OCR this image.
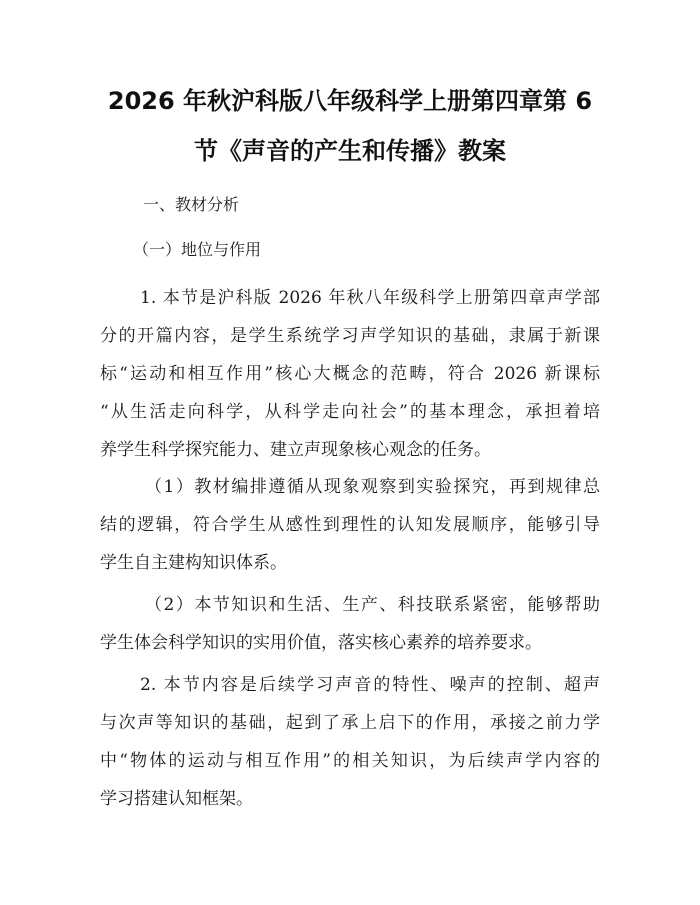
2026 年秋沪科版八年级科学上册第四章第 6
节《声音的产生和传播》教案
一、教材分析
（一）地位与作用
1. 本节是沪科版 2026 年秋八年级科学上册第四章声学部
分的开篇内容，是学生系统学习声学知识的基础，隶属于新课
标“运动和相互作用”核心大概念的范畴，符合 2026 新课标
“从生活走向科学，从科学走向社会”的基本理念，承担着培
养学生科学探究能力、建立声现象核心观念的任务。
（1）教材编排遵循从现象观察到实验探究，再到规律总
结的逻辑，符合学生从感性到理性的认知发展顺序，能够引导
学生自主建构知识体系。
（2）本节知识和生活、生产、科技联系紧密，能够帮助
学生体会科学知识的实用价值，落实核心素养的培养要求。
2. 本节内容是后续学习声音的特性、噪声的控制、超声
与次声等知识的基础，起到了承上启下的作用，承接之前力学
中“物体的运动与相互作用”的相关知识，为后续声学内容的
学习搭建认知框架。
